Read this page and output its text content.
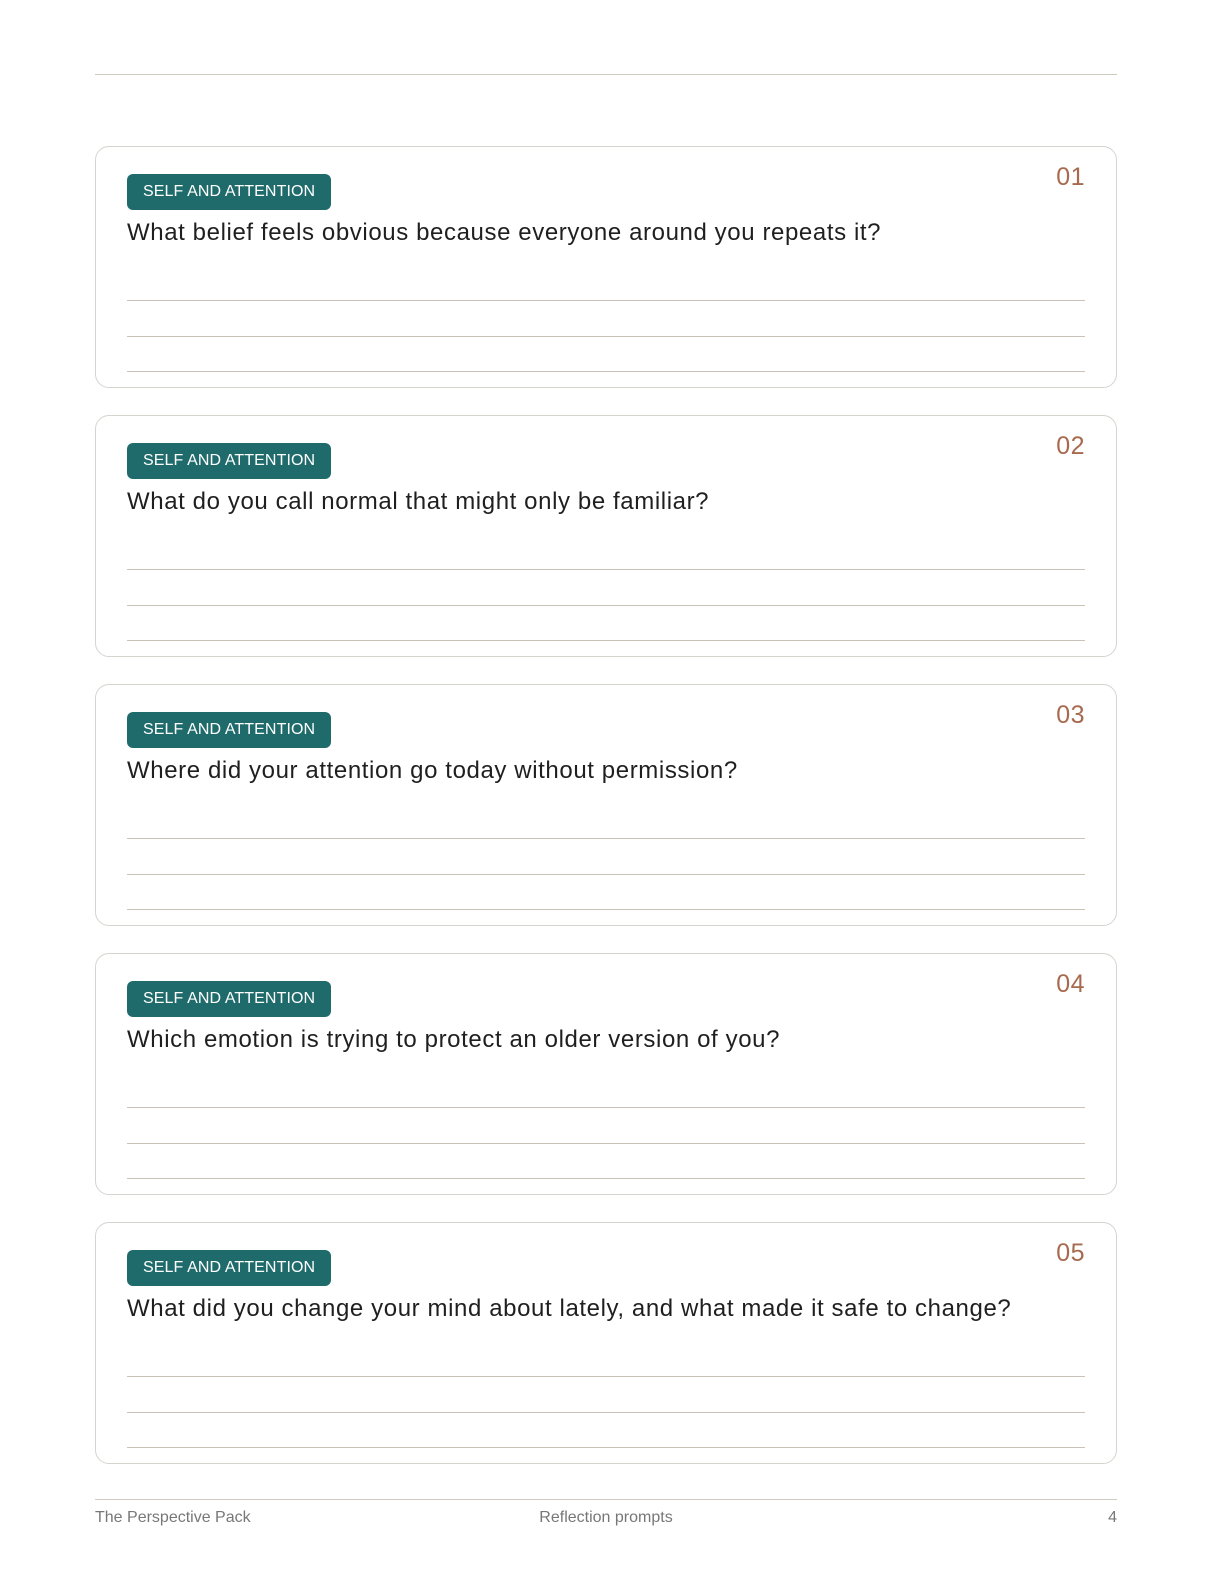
SELF AND ATTENTION
01
What belief feels obvious because everyone around you repeats it?
SELF AND ATTENTION
02
What do you call normal that might only be familiar?
SELF AND ATTENTION
03
Where did your attention go today without permission?
SELF AND ATTENTION
04
Which emotion is trying to protect an older version of you?
SELF AND ATTENTION
05
What did you change your mind about lately, and what made it safe to change?
The Perspective Pack	Reflection prompts	4
